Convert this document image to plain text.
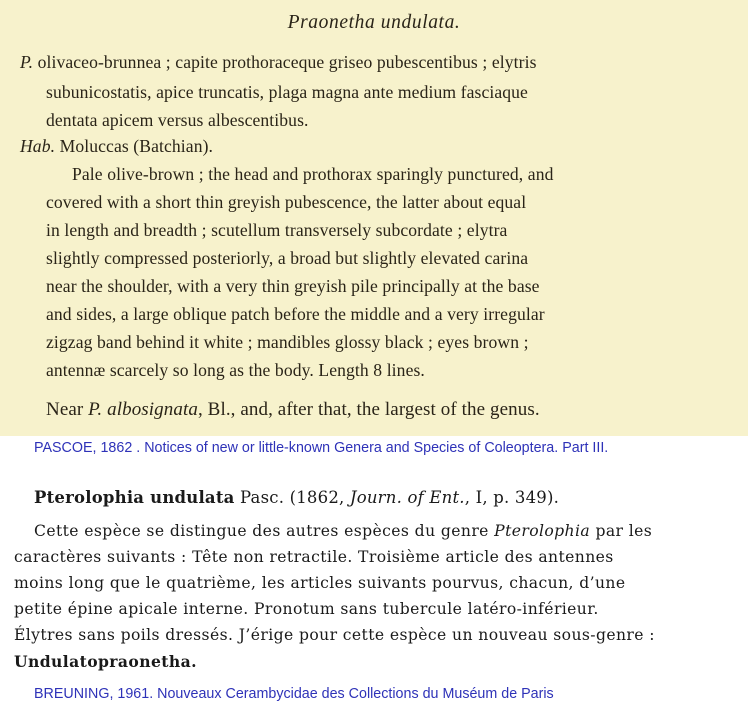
Praonetha undulata.
P. olivaceo-brunnea ; capite prothoraceque griseo pubescentibus ; elytris
subunicostatis, apice truncatis, plaga magna ante medium fasciaque
dentata apicem versus albescentibus.
Hab. Moluccas (Batchian).
Pale olive-brown ; the head and prothorax sparingly punctured, and
covered with a short thin greyish pubescence, the latter about equal
in length and breadth ; scutellum transversely subcordate ; elytra
slightly compressed posteriorly, a broad but slightly elevated carina
near the shoulder, with a very thin greyish pile principally at the base
and sides, a large oblique patch before the middle and a very irregular
zigzag band behind it white ; mandibles glossy black ; eyes brown ;
antennæ scarcely so long as the body. Length 8 lines.
Near P. albosignata, Bl., and, after that, the largest of the genus.
PASCOE, 1862 . Notices of new or little-known Genera and Species of Coleoptera. Part III.
Pterolophia undulata Pasc. (1862, Journ. of Ent., I, p. 349).
Cette espèce se distingue des autres espèces du genre Pterolophia par les
caractères suivants : Tête non retractile. Troisième article des antennes
moins long que le quatrième, les articles suivants pourvus, chacun, d’une
petite épine apicale interne. Pronotum sans tubercule latéro-inférieur.
Élytres sans poils dressés. J’érige pour cette espèce un nouveau sous-genre :
Undulatopraonetha.
BREUNING, 1961. Nouveaux Cerambycidae des Collections du Muséum de Paris
